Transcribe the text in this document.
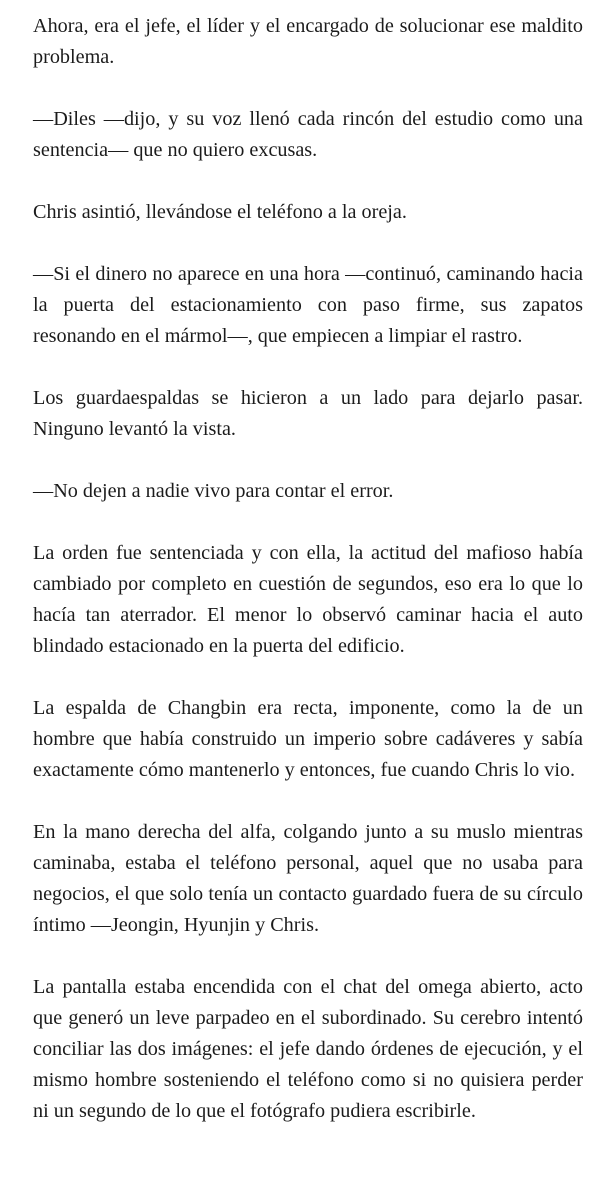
Ahora, era el jefe, el líder y el encargado de solucionar ese maldito problema.

—Diles —dijo, y su voz llenó cada rincón del estudio como una sentencia— que no quiero excusas.

Chris asintió, llevándose el teléfono a la oreja.

—Si el dinero no aparece en una hora —continuó, caminando hacia la puerta del estacionamiento con paso firme, sus zapatos resonando en el mármol—, que empiecen a limpiar el rastro.

Los guardaespaldas se hicieron a un lado para dejarlo pasar. Ninguno levantó la vista.

—No dejen a nadie vivo para contar el error.

La orden fue sentenciada y con ella, la actitud del mafioso había cambiado por completo en cuestión de segundos, eso era lo que lo hacía tan aterrador. El menor lo observó caminar hacia el auto blindado estacionado en la puerta del edificio.

La espalda de Changbin era recta, imponente, como la de un hombre que había construido un imperio sobre cadáveres y sabía exactamente cómo mantenerlo y entonces, fue cuando Chris lo vio.

En la mano derecha del alfa, colgando junto a su muslo mientras caminaba, estaba el teléfono personal, aquel que no usaba para negocios, el que solo tenía un contacto guardado fuera de su círculo íntimo —Jeongin, Hyunjin y Chris.

La pantalla estaba encendida con el chat del omega abierto, acto que generó un leve parpadeo en el subordinado. Su cerebro intentó conciliar las dos imágenes: el jefe dando órdenes de ejecución, y el mismo hombre sosteniendo el teléfono como si no quisiera perder ni un segundo de lo que el fotógrafo pudiera escribirle.
